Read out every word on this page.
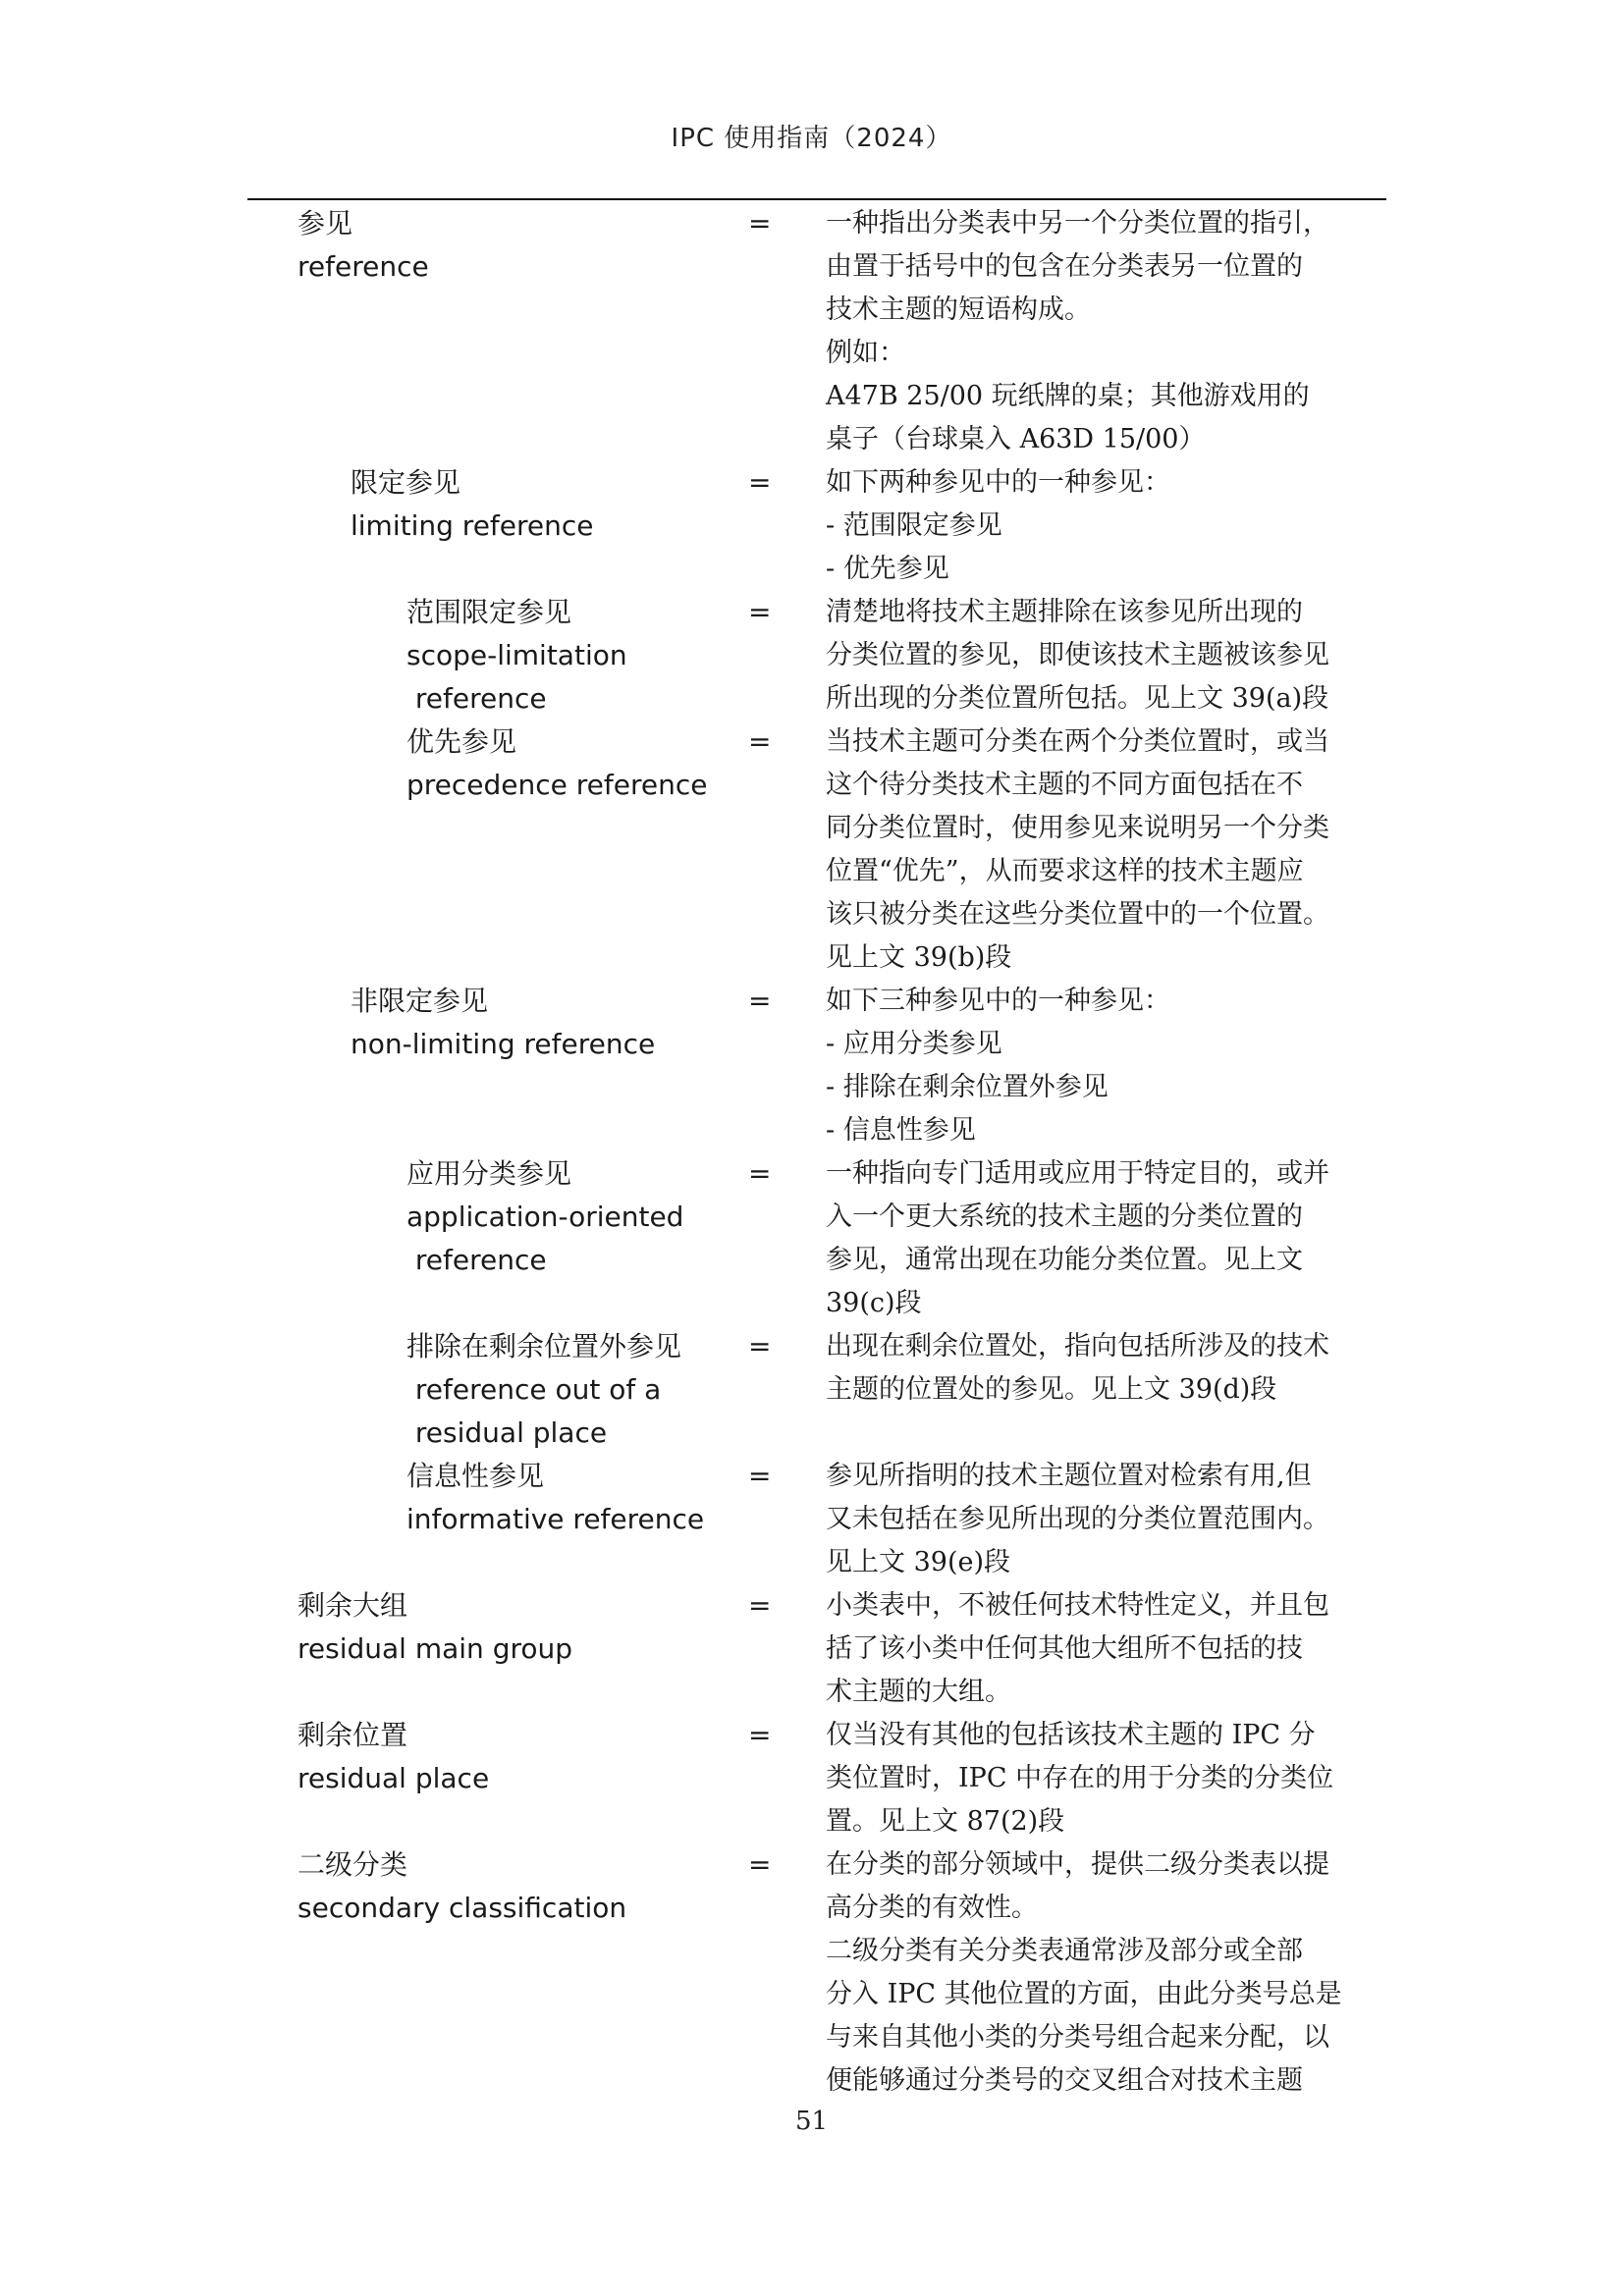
IPC 使用指南（2024）
参见
reference
= 一种指出分类表中另一个分类位置的指引，
由置于括号中的包含在分类表另一位置的
技术主题的短语构成。
例如：
A47B 25/00 玩纸牌的桌；其他游戏用的
桌子（台球桌入 A63D 15/00）
限定参见
limiting reference
= 如下两种参见中的一种参见：
- 范围限定参见
- 优先参见
范围限定参见
scope-limitation
reference
= 清楚地将技术主题排除在该参见所出现的
分类位置的参见，即使该技术主题被该参见
所出现的分类位置所包括。见上文 39(a)段
优先参见
precedence reference
= 当技术主题可分类在两个分类位置时，或当
这个待分类技术主题的不同方面包括在不
同分类位置时，使用参见来说明另一个分类
位置“优先”，从而要求这样的技术主题应
该只被分类在这些分类位置中的一个位置。
见上文 39(b)段
非限定参见
non-limiting reference
= 如下三种参见中的一种参见：
- 应用分类参见
- 排除在剩余位置外参见
- 信息性参见
应用分类参见
application-oriented
reference
= 一种指向专门适用或应用于特定目的，或并
入一个更大系统的技术主题的分类位置的
参见，通常出现在功能分类位置。见上文
39(c)段
排除在剩余位置外参见
reference out of a
residual place
= 出现在剩余位置处，指向包括所涉及的技术
主题的位置处的参见。见上文 39(d)段
信息性参见
informative reference
= 参见所指明的技术主题位置对检索有用,但
又未包括在参见所出现的分类位置范围内。
见上文 39(e)段
剩余大组
residual main group
= 小类表中，不被任何技术特性定义，并且包
括了该小类中任何其他大组所不包括的技
术主题的大组。
剩余位置
residual place
= 仅当没有其他的包括该技术主题的 IPC 分
类位置时，IPC 中存在的用于分类的分类位
置。见上文 87(2)段
二级分类
secondary classification
= 在分类的部分领域中，提供二级分类表以提
高分类的有效性。
二级分类有关分类表通常涉及部分或全部
分入 IPC 其他位置的方面，由此分类号总是
与来自其他小类的分类号组合起来分配，以
便能够通过分类号的交叉组合对技术主题
51
